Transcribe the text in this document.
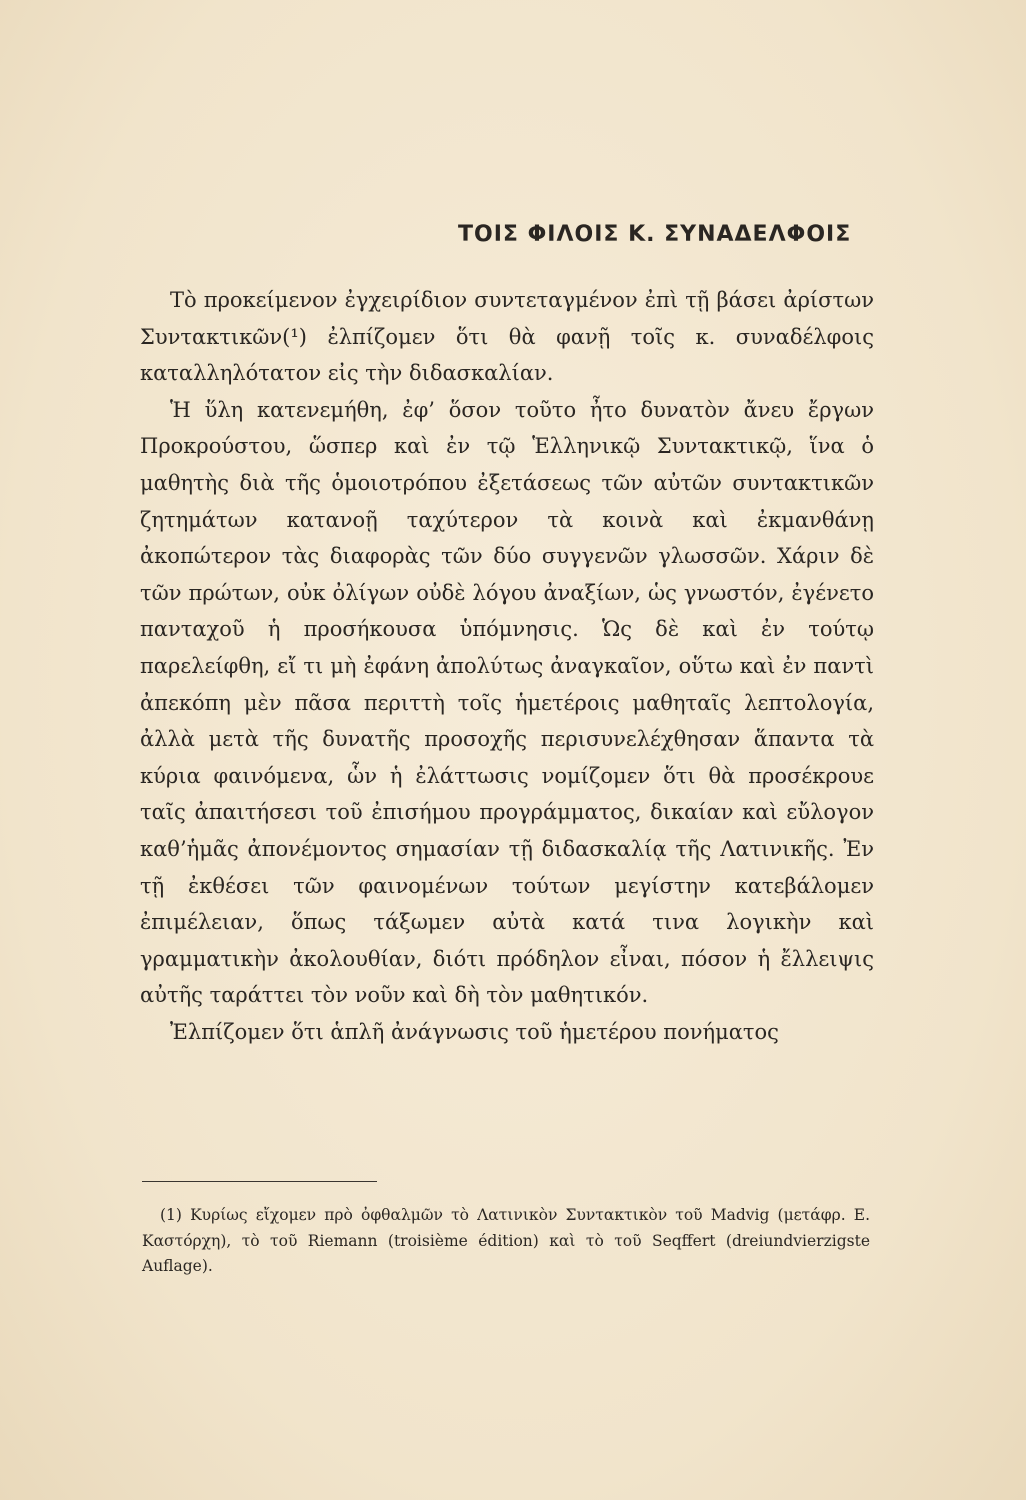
ΤΟΙΣ ΦΙΛΟΙΣ Κ. ΣΥΝΑΔΕΛΦΟΙΣ

Τὸ προκείμενον ἐγχειρίδιον συντεταγμένον ἐπὶ τῇ βάσει ἀρίστων Συντακτικῶν(¹) ἐλπίζομεν ὅτι θὰ φανῇ τοῖς κ. συναδέλφοις καταλληλότατον εἰς τὴν διδασκαλίαν.

Ἡ ὕλη κατενεμήθη, ἐφ’ ὅσον τοῦτο ἦτο δυνατὸν ἄνευ ἔργων Προκρούστου, ὥσπερ καὶ ἐν τῷ Ἑλληνικῷ Συντακτικῷ, ἵνα ὁ μαθητὴς διὰ τῆς ὁμοιοτρόπου ἐξετάσεως τῶν αὐτῶν συντακτικῶν ζητημάτων κατανοῇ ταχύτερον τὰ κοινὰ καὶ ἐκμανθάνῃ ἀκοπώτερον τὰς διαφορὰς τῶν δύο συγγενῶν γλωσσῶν. Χάριν δὲ τῶν πρώτων, οὐκ ὀλίγων οὐδὲ λόγου ἀναξίων, ὡς γνωστόν, ἐγένετο πανταχοῦ ἡ προσήκουσα ὑπόμνησις. Ὡς δὲ καὶ ἐν τούτῳ παρελείφθη, εἴ τι μὴ ἐφάνη ἀπολύτως ἀναγκαῖον, οὕτω καὶ ἐν παντὶ ἀπεκόπη μὲν πᾶσα περιττὴ τοῖς ἡμετέροις μαθηταῖς λεπτολογία, ἀλλὰ μετὰ τῆς δυνατῆς προσοχῆς περισυνελέχθησαν ἅπαντα τὰ κύρια φαινόμενα, ὧν ἡ ἐλάττωσις νομίζομεν ὅτι θὰ προσέκρουε ταῖς ἀπαιτήσεσι τοῦ ἐπισήμου προγράμματος, δικαίαν καὶ εὔλογον καθ’ἡμᾶς ἀπονέμοντος σημασίαν τῇ διδασκαλίᾳ τῆς Λατινικῆς. Ἐν τῇ ἐκθέσει τῶν φαινομένων τούτων μεγίστην κατεβάλομεν ἐπιμέλειαν, ὅπως τάξωμεν αὐτὰ κατά τινα λογικὴν καὶ γραμματικὴν ἀκολουθίαν, διότι πρόδηλον εἶναι, πόσον ἡ ἔλλειψις αὐτῆς ταράττει τὸν νοῦν καὶ δὴ τὸν μαθητικόν.

Ἐλπίζομεν ὅτι ἁπλῆ ἀνάγνωσις τοῦ ἡμετέρου πονήματος

(1) Κυρίως εἴχομεν πρὸ ὀφθαλμῶν τὸ Λατινικὸν Συντακτικὸν τοῦ Madvig (μετάφρ. Ε. Καστόρχη), τὸ τοῦ Riemann (troisième édition) καὶ τὸ τοῦ Seqffert (dreiundvierzigste Auflage).
